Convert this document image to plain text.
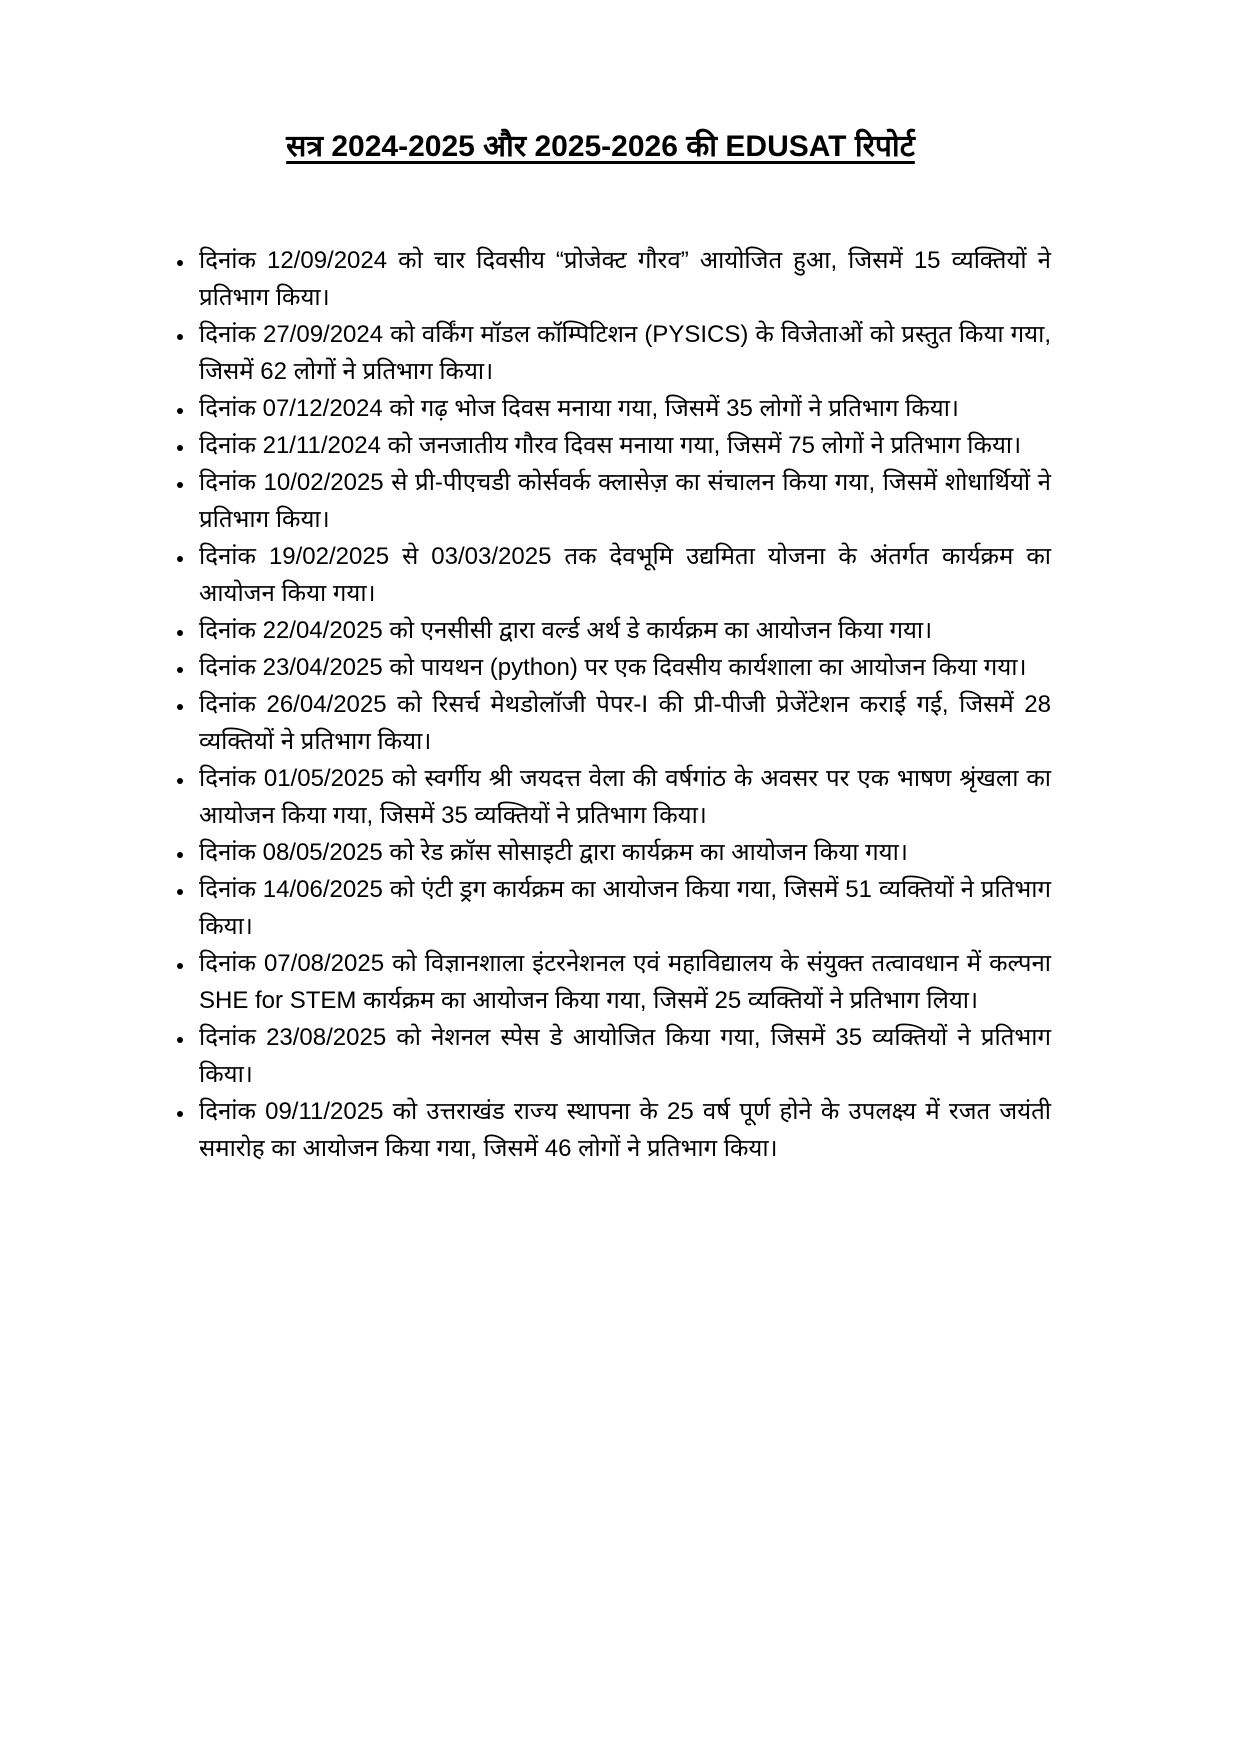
सत्र 2024-2025 और 2025-2026 की EDUSAT रिपोर्ट
• दिनांक 12/09/2024 को चार दिवसीय “प्रोजेक्ट गौरव” आयोजित हुआ, जिसमें 15 व्यक्तियों ने प्रतिभाग किया।
• दिनांक 27/09/2024 को वर्किंग मॉडल कॉम्पिटिशन (PYSICS) के विजेताओं को प्रस्तुत किया गया, जिसमें 62 लोगों ने प्रतिभाग किया।
• दिनांक 07/12/2024 को गढ़ भोज दिवस मनाया गया, जिसमें 35 लोगों ने प्रतिभाग किया।
• दिनांक 21/11/2024 को जनजातीय गौरव दिवस मनाया गया, जिसमें 75 लोगों ने प्रतिभाग किया।
• दिनांक 10/02/2025 से प्री-पीएचडी कोर्सवर्क क्लासेज़ का संचालन किया गया, जिसमें शोधार्थियों ने प्रतिभाग किया।
• दिनांक 19/02/2025 से 03/03/2025 तक देवभूमि उद्यमिता योजना के अंतर्गत कार्यक्रम का आयोजन किया गया।
• दिनांक 22/04/2025 को एनसीसी द्वारा वर्ल्ड अर्थ डे कार्यक्रम का आयोजन किया गया।
• दिनांक 23/04/2025 को पायथन (python) पर एक दिवसीय कार्यशाला का आयोजन किया गया।
• दिनांक 26/04/2025 को रिसर्च मेथडोलॉजी पेपर-I की प्री-पीजी प्रेजेंटेशन कराई गई, जिसमें 28 व्यक्तियों ने प्रतिभाग किया।
• दिनांक 01/05/2025 को स्वर्गीय श्री जयदत्त वेला की वर्षगांठ के अवसर पर एक भाषण श्रृंखला का आयोजन किया गया, जिसमें 35 व्यक्तियों ने प्रतिभाग किया।
• दिनांक 08/05/2025 को रेड क्रॉस सोसाइटी द्वारा कार्यक्रम का आयोजन किया गया।
• दिनांक 14/06/2025 को एंटी ड्रग कार्यक्रम का आयोजन किया गया, जिसमें 51 व्यक्तियों ने प्रतिभाग किया।
• दिनांक 07/08/2025 को विज्ञानशाला इंटरनेशनल एवं महाविद्यालय के संयुक्त तत्वावधान में कल्पना SHE for STEM कार्यक्रम का आयोजन किया गया, जिसमें 25 व्यक्तियों ने प्रतिभाग लिया।
• दिनांक 23/08/2025 को नेशनल स्पेस डे आयोजित किया गया, जिसमें 35 व्यक्तियों ने प्रतिभाग किया।
• दिनांक 09/11/2025 को उत्तराखंड राज्य स्थापना के 25 वर्ष पूर्ण होने के उपलक्ष्य में रजत जयंती समारोह का आयोजन किया गया, जिसमें 46 लोगों ने प्रतिभाग किया।
